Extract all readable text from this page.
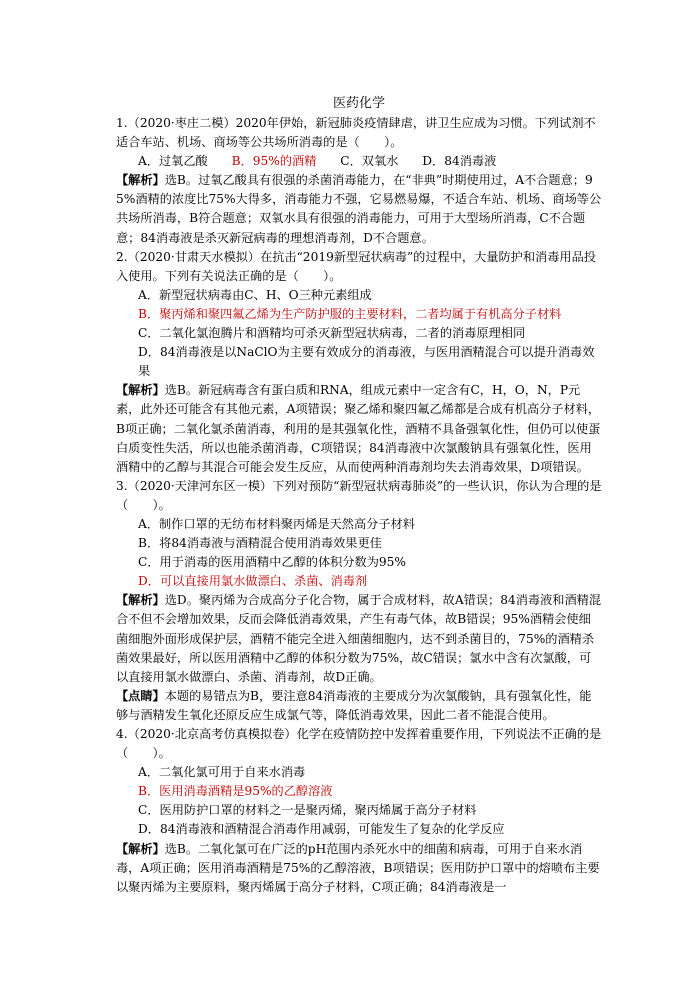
医药化学

1.（2020·枣庄二模）2020年伊始，新冠肺炎疫情肆虐，讲卫生应成为习惯。下列试剂不适合车站、机场、商场等公共场所消毒的是（　　）。

A．过氧乙酸 B．95%的酒精 C．双氧水 D．84消毒液

【解析】选B。过氧乙酸具有很强的杀菌消毒能力，在“非典”时期使用过，A不合题意；95%酒精的浓度比75%大得多，消毒能力不强，它易燃易爆，不适合车站、机场、商场等公共场所消毒，B符合题意；双氧水具有很强的消毒能力，可用于大型场所消毒，C不合题意；84消毒液是杀灭新冠病毒的理想消毒剂，D不合题意。

2.（2020·甘肃天水模拟）在抗击“2019新型冠状病毒”的过程中，大量防护和消毒用品投入使用。下列有关说法正确的是（　　）。

A．新型冠状病毒由C、H、O三种元素组成

B．聚丙烯和聚四氟乙烯为生产防护服的主要材料，二者均属于有机高分子材料

C．二氧化氯泡腾片和酒精均可杀灭新型冠状病毒，二者的消毒原理相同

D．84消毒液是以NaClO为主要有效成分的消毒液，与医用酒精混合可以提升消毒效果

【解析】选B。新冠病毒含有蛋白质和RNA，组成元素中一定含有C，H，O，N，P元素，此外还可能含有其他元素，A项错误；聚乙烯和聚四氟乙烯都是合成有机高分子材料，B项正确；二氧化氯杀菌消毒，利用的是其强氧化性，酒精不具备强氧化性，但仍可以使蛋白质变性失活，所以也能杀菌消毒，C项错误；84消毒液中次氯酸钠具有强氧化性，医用酒精中的乙醇与其混合可能会发生反应，从而使两种消毒剂均失去消毒效果，D项错误。

3.（2020·天津河东区一模）下列对预防“新型冠状病毒肺炎”的一些认识，你认为合理的是（　　）。

A．制作口罩的无纺布材料聚丙烯是天然高分子材料

B．将84消毒液与酒精混合使用消毒效果更佳

C．用于消毒的医用酒精中乙醇的体积分数为95%

D．可以直接用氯水做漂白、杀菌、消毒剂

【解析】选D。聚丙烯为合成高分子化合物，属于合成材料，故A错误；84消毒液和酒精混合不但不会增加效果，反而会降低消毒效果，产生有毒气体，故B错误；95%酒精会使细菌细胞外面形成保护层，酒精不能完全进入细菌细胞内，达不到杀菌目的，75%的酒精杀菌效果最好，所以医用酒精中乙醇的体积分数为75%，故C错误；氯水中含有次氯酸，可以直接用氯水做漂白、杀菌、消毒剂，故D正确。

【点睛】本题的易错点为B，要注意84消毒液的主要成分为次氯酸钠，具有强氧化性，能够与酒精发生氧化还原反应生成氯气等，降低消毒效果，因此二者不能混合使用。

4.（2020·北京高考仿真模拟卷）化学在疫情防控中发挥着重要作用，下列说法不正确的是（　　）。

A．二氧化氯可用于自来水消毒

B．医用消毒酒精是95%的乙醇溶液

C．医用防护口罩的材料之一是聚丙烯，聚丙烯属于高分子材料

D．84消毒液和酒精混合消毒作用减弱，可能发生了复杂的化学反应

【解析】选B。二氧化氯可在广泛的pH范围内杀死水中的细菌和病毒，可用于自来水消毒，A项正确；医用消毒酒精是75%的乙醇溶液，B项错误；医用防护口罩中的熔喷布主要以聚丙烯为主要原料，聚丙烯属于高分子材料，C项正确；84消毒液是一
